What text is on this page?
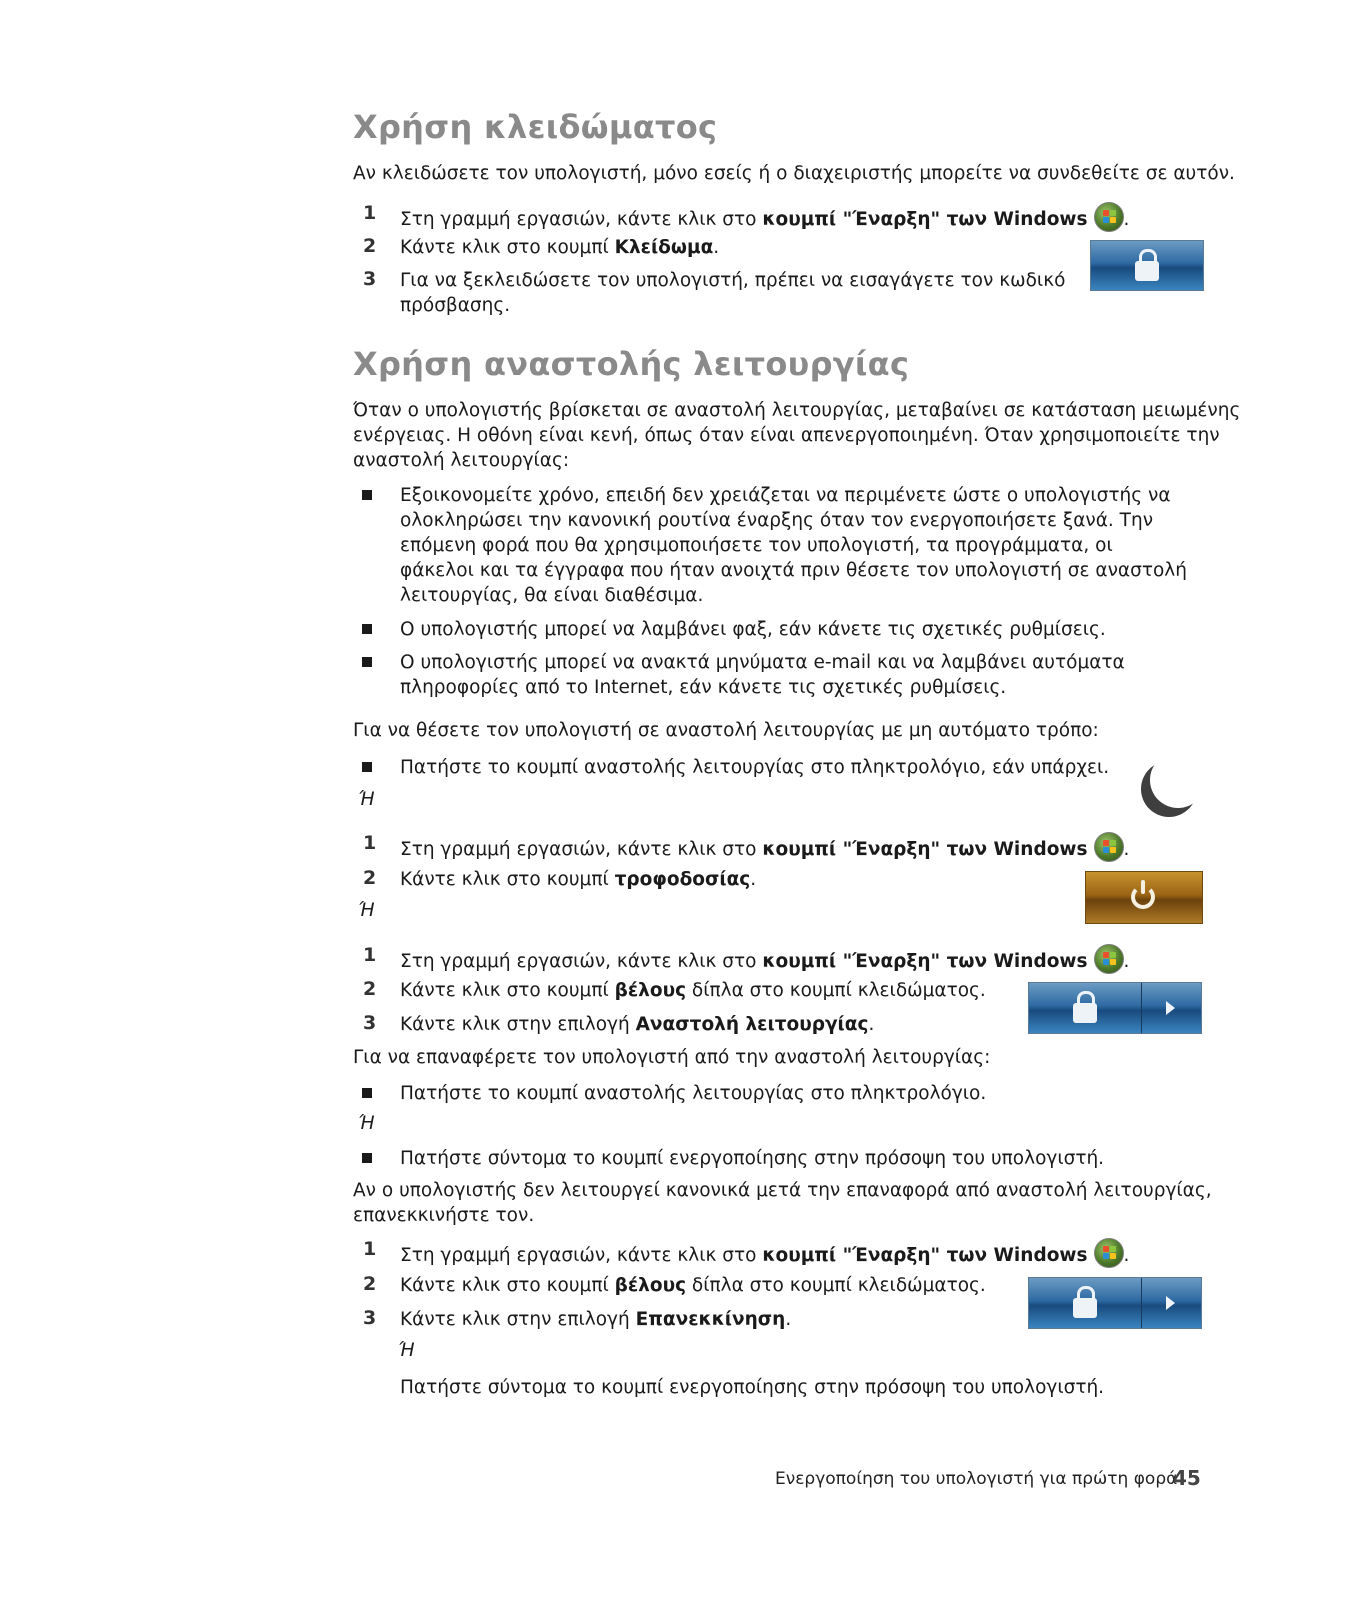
Χρήση κλειδώματος
Αν κλειδώσετε τον υπολογιστή, μόνο εσείς ή ο διαχειριστής μπορείτε να συνδεθείτε σε αυτόν.
1 Στη γραμμή εργασιών, κάντε κλικ στο κουμπί "Έναρξη" των Windows .
2 Κάντε κλικ στο κουμπί Κλείδωμα.
3 Για να ξεκλειδώσετε τον υπολογιστή, πρέπει να εισαγάγετε τον κωδικό
πρόσβασης.
Χρήση αναστολής λειτουργίας
Όταν ο υπολογιστής βρίσκεται σε αναστολή λειτουργίας, μεταβαίνει σε κατάσταση μειωμένης
ενέργειας. Η οθόνη είναι κενή, όπως όταν είναι απενεργοποιημένη. Όταν χρησιμοποιείτε την
αναστολή λειτουργίας:
Εξοικονομείτε χρόνο, επειδή δεν χρειάζεται να περιμένετε ώστε ο υπολογιστής να
ολοκληρώσει την κανονική ρουτίνα έναρξης όταν τον ενεργοποιήσετε ξανά. Την
επόμενη φορά που θα χρησιμοποιήσετε τον υπολογιστή, τα προγράμματα, οι
φάκελοι και τα έγγραφα που ήταν ανοιχτά πριν θέσετε τον υπολογιστή σε αναστολή
λειτουργίας, θα είναι διαθέσιμα.
Ο υπολογιστής μπορεί να λαμβάνει φαξ, εάν κάνετε τις σχετικές ρυθμίσεις.
Ο υπολογιστής μπορεί να ανακτά μηνύματα e-mail και να λαμβάνει αυτόματα
πληροφορίες από το Internet, εάν κάνετε τις σχετικές ρυθμίσεις.
Για να θέσετε τον υπολογιστή σε αναστολή λειτουργίας με μη αυτόματο τρόπο:
Πατήστε το κουμπί αναστολής λειτουργίας στο πληκτρολόγιο, εάν υπάρχει.
Ή
1 Στη γραμμή εργασιών, κάντε κλικ στο κουμπί "Έναρξη" των Windows .
2 Κάντε κλικ στο κουμπί τροφοδοσίας.
Ή
1 Στη γραμμή εργασιών, κάντε κλικ στο κουμπί "Έναρξη" των Windows .
2 Κάντε κλικ στο κουμπί βέλους δίπλα στο κουμπί κλειδώματος.
3 Κάντε κλικ στην επιλογή Αναστολή λειτουργίας.
Για να επαναφέρετε τον υπολογιστή από την αναστολή λειτουργίας:
Πατήστε το κουμπί αναστολής λειτουργίας στο πληκτρολόγιο.
Ή
Πατήστε σύντομα το κουμπί ενεργοποίησης στην πρόσοψη του υπολογιστή.
Αν ο υπολογιστής δεν λειτουργεί κανονικά μετά την επαναφορά από αναστολή λειτουργίας,
επανεκκινήστε τον.
1 Στη γραμμή εργασιών, κάντε κλικ στο κουμπί "Έναρξη" των Windows .
2 Κάντε κλικ στο κουμπί βέλους δίπλα στο κουμπί κλειδώματος.
3 Κάντε κλικ στην επιλογή Επανεκκίνηση.
Ή
Πατήστε σύντομα το κουμπί ενεργοποίησης στην πρόσοψη του υπολογιστή.
Ενεργοποίηση του υπολογιστή για πρώτη φορά
45
